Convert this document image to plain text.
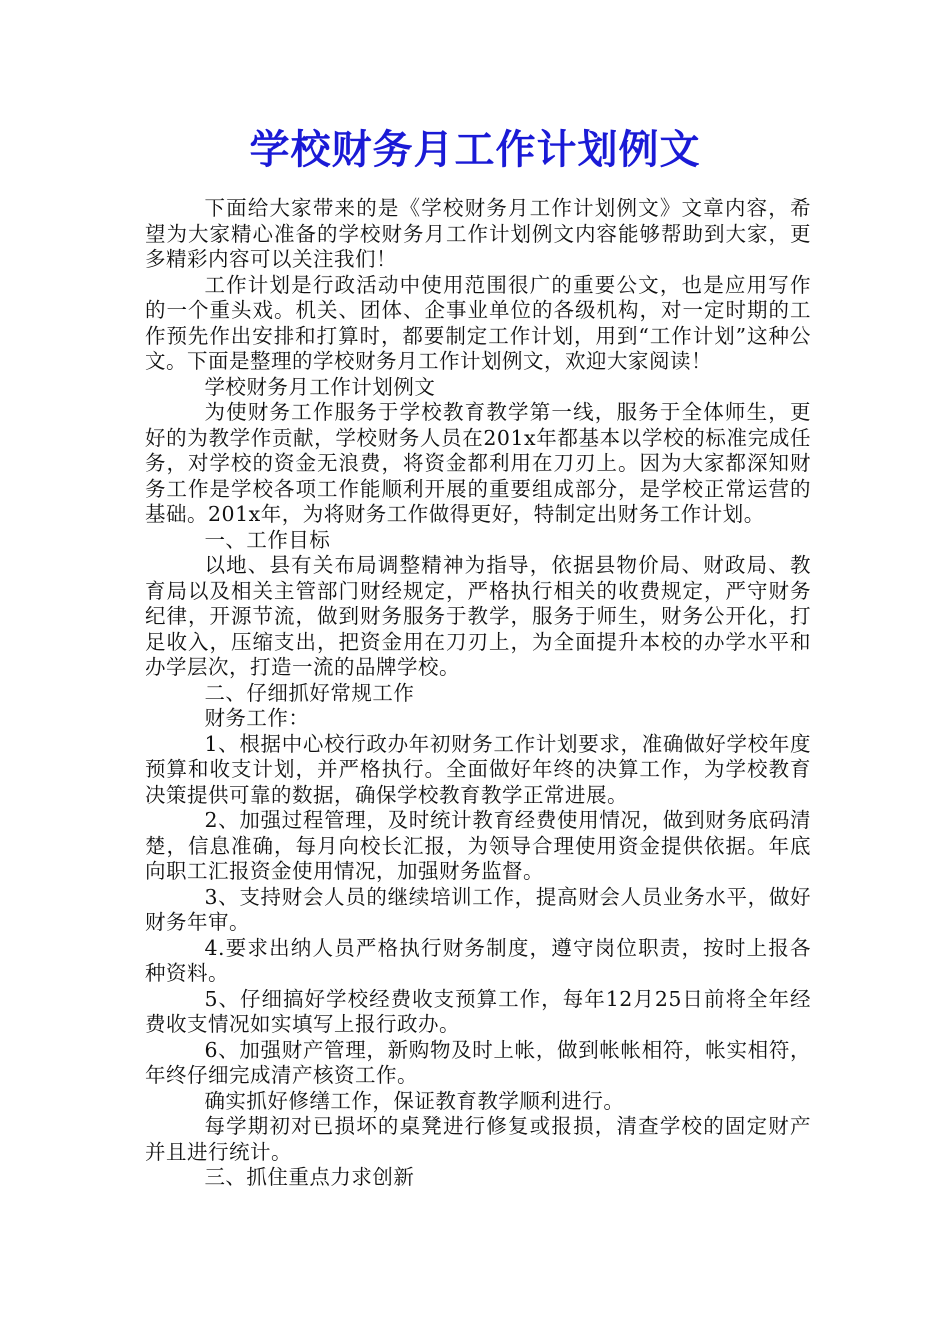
学校财务月工作计划例文

下面给大家带来的是《学校财务月工作计划例文》文章内容，希望为大家精心准备的学校财务月工作计划例文内容能够帮助到大家，更多精彩内容可以关注我们！

工作计划是行政活动中使用范围很广的重要公文，也是应用写作的一个重头戏。机关、团体、企事业单位的各级机构，对一定时期的工作预先作出安排和打算时，都要制定工作计划，用到“工作计划”这种公文。下面是整理的学校财务月工作计划例文，欢迎大家阅读！

学校财务月工作计划例文

为使财务工作服务于学校教育教学第一线，服务于全体师生，更好的为教学作贡献，学校财务人员在201x年都基本以学校的标准完成任务，对学校的资金无浪费，将资金都利用在刀刃上。因为大家都深知财务工作是学校各项工作能顺利开展的重要组成部分，是学校正常运营的基础。201x年，为将财务工作做得更好，特制定出财务工作计划。

一、工作目标

以地、县有关布局调整精神为指导，依据县物价局、财政局、教育局以及相关主管部门财经规定，严格执行相关的收费规定，严守财务纪律，开源节流，做到财务服务于教学，服务于师生，财务公开化，打足收入，压缩支出，把资金用在刀刃上，为全面提升本校的办学水平和办学层次，打造一流的品牌学校。

二、仔细抓好常规工作

财务工作：

1、根据中心校行政办年初财务工作计划要求，准确做好学校年度预算和收支计划，并严格执行。全面做好年终的决算工作，为学校教育决策提供可靠的数据，确保学校教育教学正常进展。

2、加强过程管理，及时统计教育经费使用情况，做到财务底码清楚，信息准确，每月向校长汇报，为领导合理使用资金提供依据。年底向职工汇报资金使用情况，加强财务监督。

3、支持财会人员的继续培训工作，提高财会人员业务水平，做好财务年审。

4.要求出纳人员严格执行财务制度，遵守岗位职责，按时上报各种资料。

5、仔细搞好学校经费收支预算工作，每年12月25日前将全年经费收支情况如实填写上报行政办。

6、加强财产管理，新购物及时上帐，做到帐帐相符，帐实相符，年终仔细完成清产核资工作。

确实抓好修缮工作，保证教育教学顺利进行。

每学期初对已损坏的桌凳进行修复或报损，清查学校的固定财产并且进行统计。

三、抓住重点力求创新
